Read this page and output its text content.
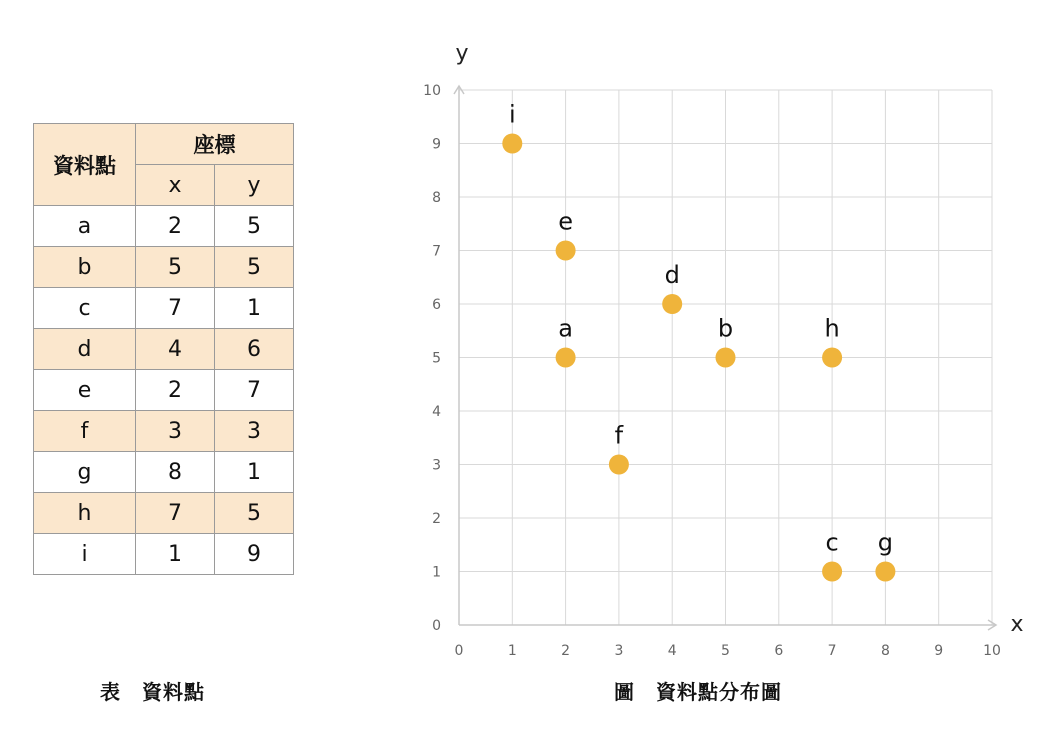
資料點	座標	
	x	y
a	2	5
b	5	5
c	7	1
d	4	6
e	2	7
f	3	3
g	8	1
h	7	5
i	1	9
表　資料點
0	1	2	3	4	5	6	7	8	9	10
0
1
2
3
4
5
6
7
8
9
10
x
y
a	b
c
d
e
f
g
h
i
圖　資料點分布圖
